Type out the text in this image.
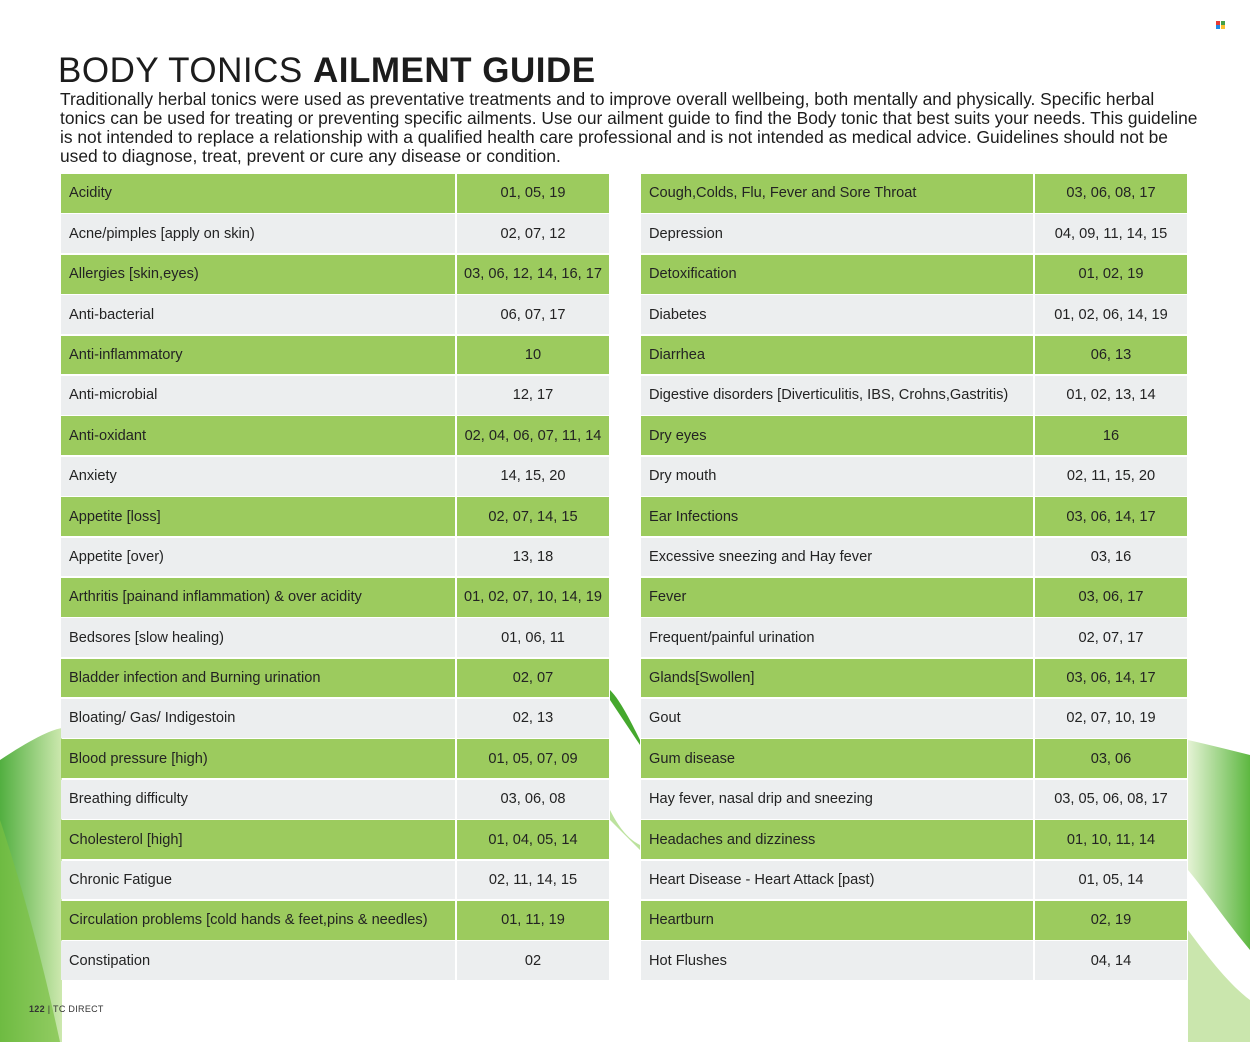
BODY TONICS AILMENT GUIDE

Traditionally herbal tonics were used as preventative treatments and to improve overall wellbeing, both mentally and physically. Specific herbal tonics can be used for treating or preventing specific ailments. Use our ailment guide to find the Body tonic that best suits your needs. This guideline is not intended to replace a relationship with a qualified health care professional and is not intended as medical advice. Guidelines should not be used to diagnose, treat, prevent or cure any disease or condition.

Acidity	01, 05, 19
Acne/pimples [apply on skin)	02, 07, 12
Allergies [skin,eyes)	03, 06, 12, 14, 16, 17
Anti-bacterial	06, 07, 17
Anti-inflammatory	10
Anti-microbial	12, 17
Anti-oxidant	02, 04, 06, 07, 11, 14
Anxiety	14, 15, 20
Appetite [loss]	02, 07, 14, 15
Appetite [over)	13, 18
Arthritis [painand inflammation) & over acidity	01, 02, 07, 10, 14, 19
Bedsores [slow healing)	01, 06, 11
Bladder infection and Burning urination	02, 07
Bloating/ Gas/ Indigestoin	02, 13
Blood pressure [high)	01, 05, 07, 09
Breathing difficulty	03, 06, 08
Cholesterol [high]	01, 04, 05, 14
Chronic Fatigue	02, 11, 14, 15
Circulation problems [cold hands & feet,pins & needles)	01, 11, 19
Constipation	02
Cough,Colds, Flu, Fever and Sore Throat	03, 06, 08, 17
Depression	04, 09, 11, 14, 15
Detoxification	01, 02, 19
Diabetes	01, 02, 06, 14, 19
Diarrhea	06, 13
Digestive disorders [Diverticulitis, IBS, Crohns,Gastritis)	01, 02, 13, 14
Dry eyes	16
Dry mouth	02, 11, 15, 20
Ear Infections	03, 06, 14, 17
Excessive sneezing and Hay fever	03, 16
Fever	03, 06, 17
Frequent/painful urination	02, 07, 17
Glands[Swollen]	03, 06, 14, 17
Gout	02, 07, 10, 19
Gum disease	03, 06
Hay fever, nasal drip and sneezing	03, 05, 06, 08, 17
Headaches and dizziness	01, 10, 11, 14
Heart Disease - Heart Attack [past)	01, 05, 14
Heartburn	02, 19
Hot Flushes	04, 14
122 | TC DIRECT
